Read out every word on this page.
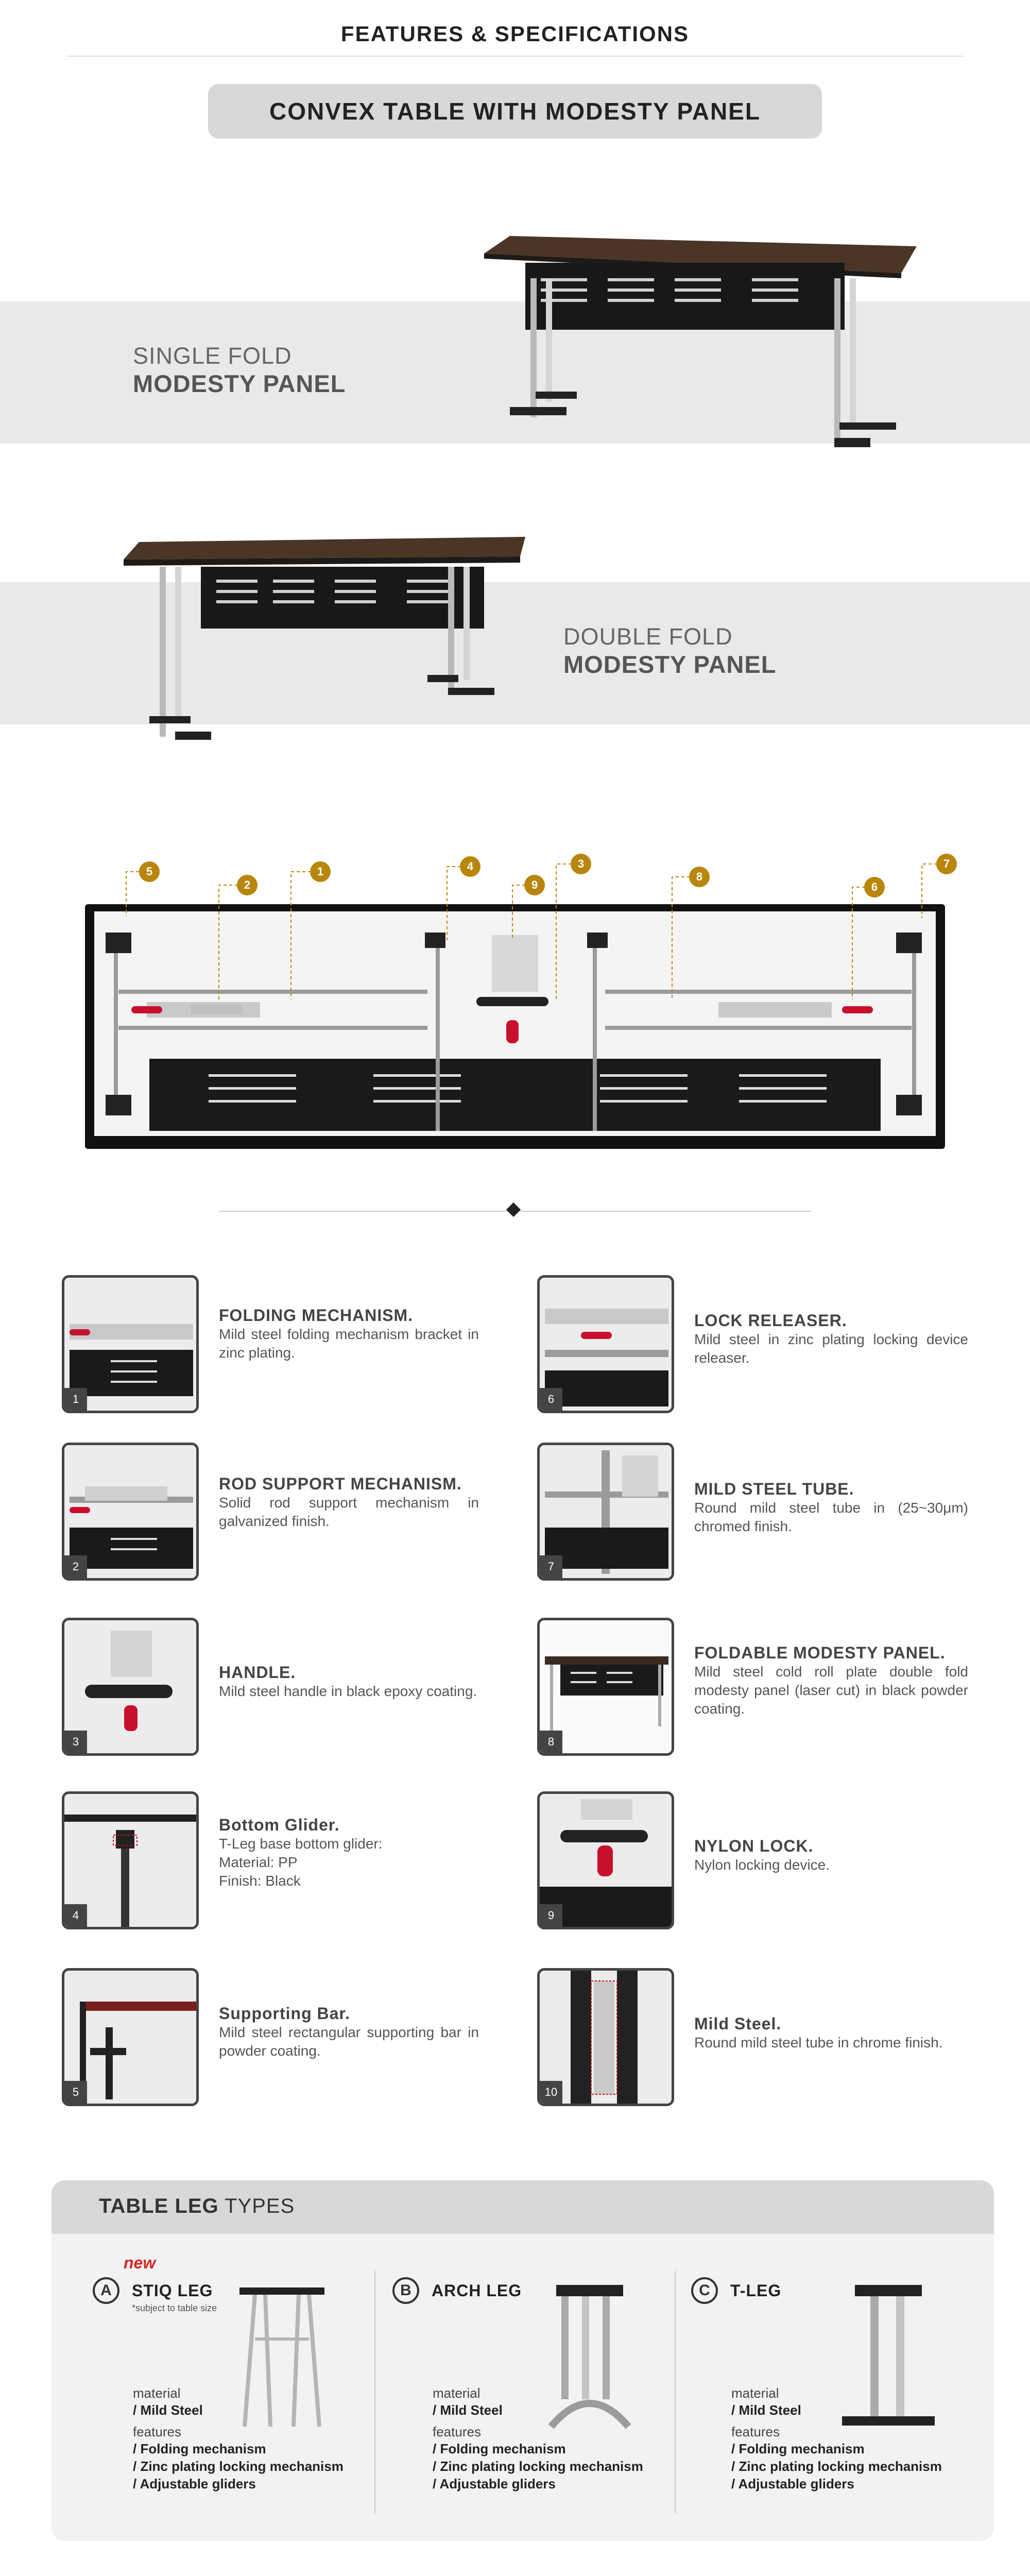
FEATURES & SPECIFICATIONS
CONVEX TABLE WITH MODESTY PANEL
SINGLE FOLD
MODESTY PANEL
DOUBLE FOLD
MODESTY PANEL
5
2
1	4
9
3
8
6
7
1
FOLDING MECHANISM.
Mild steel folding mechanism bracket in zinc plating.
2
ROD SUPPORT MECHANISM.
Solid rod support mechanism in galvanized finish.
3
HANDLE.
Mild steel handle in black epoxy coating.
4
Bottom Glider.
T-Leg base bottom glider:
Material: PP
Finish: Black
5
Supporting Bar.
Mild steel rectangular supporting bar in powder coating.
6
LOCK RELEASER.
Mild steel in zinc plating locking device releaser.
7
MILD STEEL TUBE.
Round mild steel tube in (25~30μm) chromed finish.
8
FOLDABLE MODESTY PANEL.
Mild steel cold roll plate double fold modesty panel (laser cut) in black powder coating.
9
NYLON LOCK.
Nylon locking device.
10
Mild Steel.
Round mild steel tube in chrome finish.
TABLE LEG TYPES
new
A	STIQ LEG
*subject to table size
material
/ Mild Steel
features
/ Folding mechanism
/ Zinc plating locking mechanism
/ Adjustable gliders
B	ARCH LEG
material
/ Mild Steel
features
/ Folding mechanism
/ Zinc plating locking mechanism
/ Adjustable gliders
C	T-LEG
material
/ Mild Steel
features
/ Folding mechanism
/ Zinc plating locking mechanism
/ Adjustable gliders
